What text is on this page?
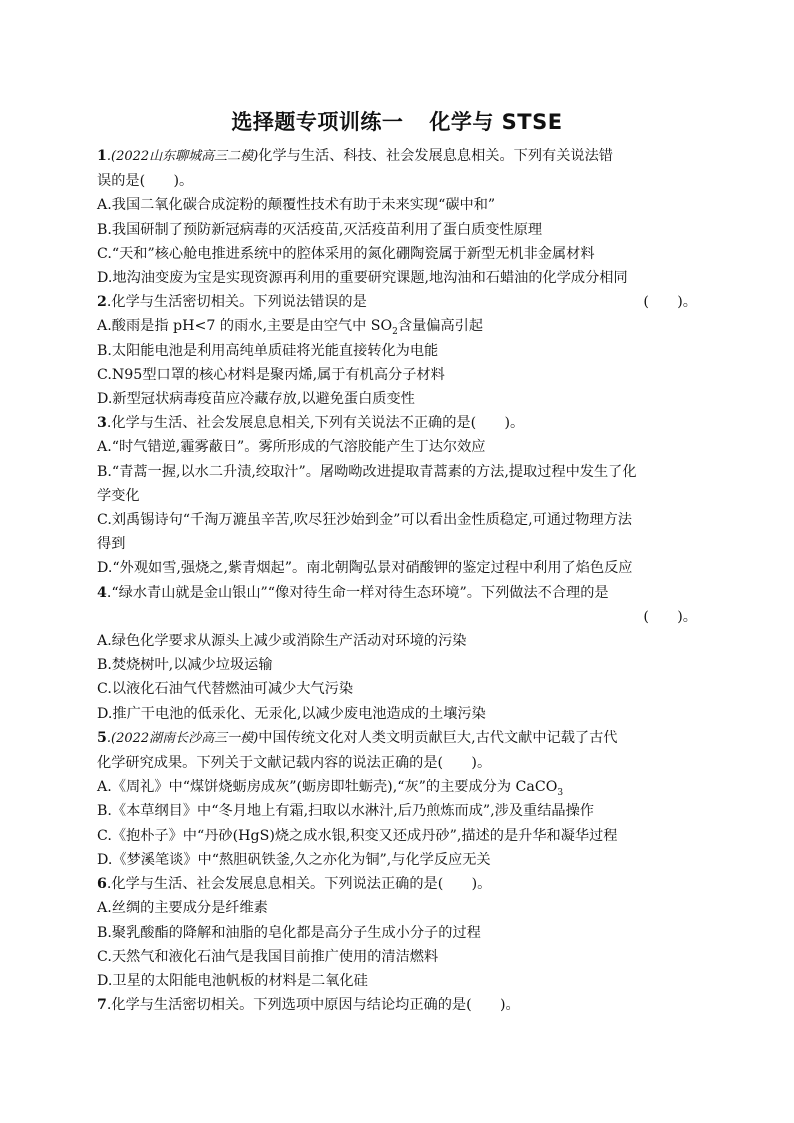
选择题专项训练一 化学与 STSE
1.(2022山东聊城高三二模)化学与生活、科技、社会发展息息相关。下列有关说法错
误的是(　　)。
A.我国二氧化碳合成淀粉的颠覆性技术有助于未来实现“碳中和”
B.我国研制了预防新冠病毒的灭活疫苗,灭活疫苗利用了蛋白质变性原理
C.“天和”核心舱电推进系统中的腔体采用的氮化硼陶瓷属于新型无机非金属材料
D.地沟油变废为宝是实现资源再利用的重要研究课题,地沟油和石蜡油的化学成分相同
2.化学与生活密切相关。下列说法错误的是	(　　)。
A.酸雨是指 pH<7 的雨水,主要是由空气中 $SO_2$含量偏高引起
B.太阳能电池是利用高纯单质硅将光能直接转化为电能
C.N95型口罩的核心材料是聚丙烯,属于有机高分子材料
D.新型冠状病毒疫苗应冷藏存放,以避免蛋白质变性
3.化学与生活、社会发展息息相关,下列有关说法不正确的是(　　)。
A.“时气错逆,霾雾蔽日”。雾所形成的气溶胶能产生丁达尔效应
B.“青蒿一握,以水二升渍,绞取汁”。屠呦呦改进提取青蒿素的方法,提取过程中发生了化
学变化
C.刘禹锡诗句“千淘万漉虽辛苦,吹尽狂沙始到金”可以看出金性质稳定,可通过物理方法
得到
D.“外观如雪,强烧之,紫青烟起”。南北朝陶弘景对硝酸钾的鉴定过程中利用了焰色反应
4.“绿水青山就是金山银山”“像对待生命一样对待生态环境”。下列做法不合理的是
(　　)。
A.绿色化学要求从源头上减少或消除生产活动对环境的污染
B.焚烧树叶,以减少垃圾运输
C.以液化石油气代替燃油可减少大气污染
D.推广干电池的低汞化、无汞化,以减少废电池造成的土壤污染
5.(2022湖南长沙高三一模)中国传统文化对人类文明贡献巨大,古代文献中记载了古代
化学研究成果。下列关于文献记载内容的说法正确的是(　　)。
A.《周礼》中“煤饼烧蛎房成灰”(蛎房即牡蛎壳),“灰”的主要成分为 CaCO$_3$
B.《本草纲目》中“冬月地上有霜,扫取以水淋汁,后乃煎炼而成”,涉及重结晶操作
C.《抱朴子》中“丹砂(HgS)烧之成水银,积变又还成丹砂”,描述的是升华和凝华过程
D.《梦溪笔谈》中“熬胆矾铁釜,久之亦化为铜”,与化学反应无关
6.化学与生活、社会发展息息相关。下列说法正确的是(　　)。
A.丝绸的主要成分是纤维素
B.聚乳酸酯的降解和油脂的皂化都是高分子生成小分子的过程
C.天然气和液化石油气是我国目前推广使用的清洁燃料
D.卫星的太阳能电池帆板的材料是二氧化硅
7.化学与生活密切相关。下列选项中原因与结论均正确的是(　　)。
